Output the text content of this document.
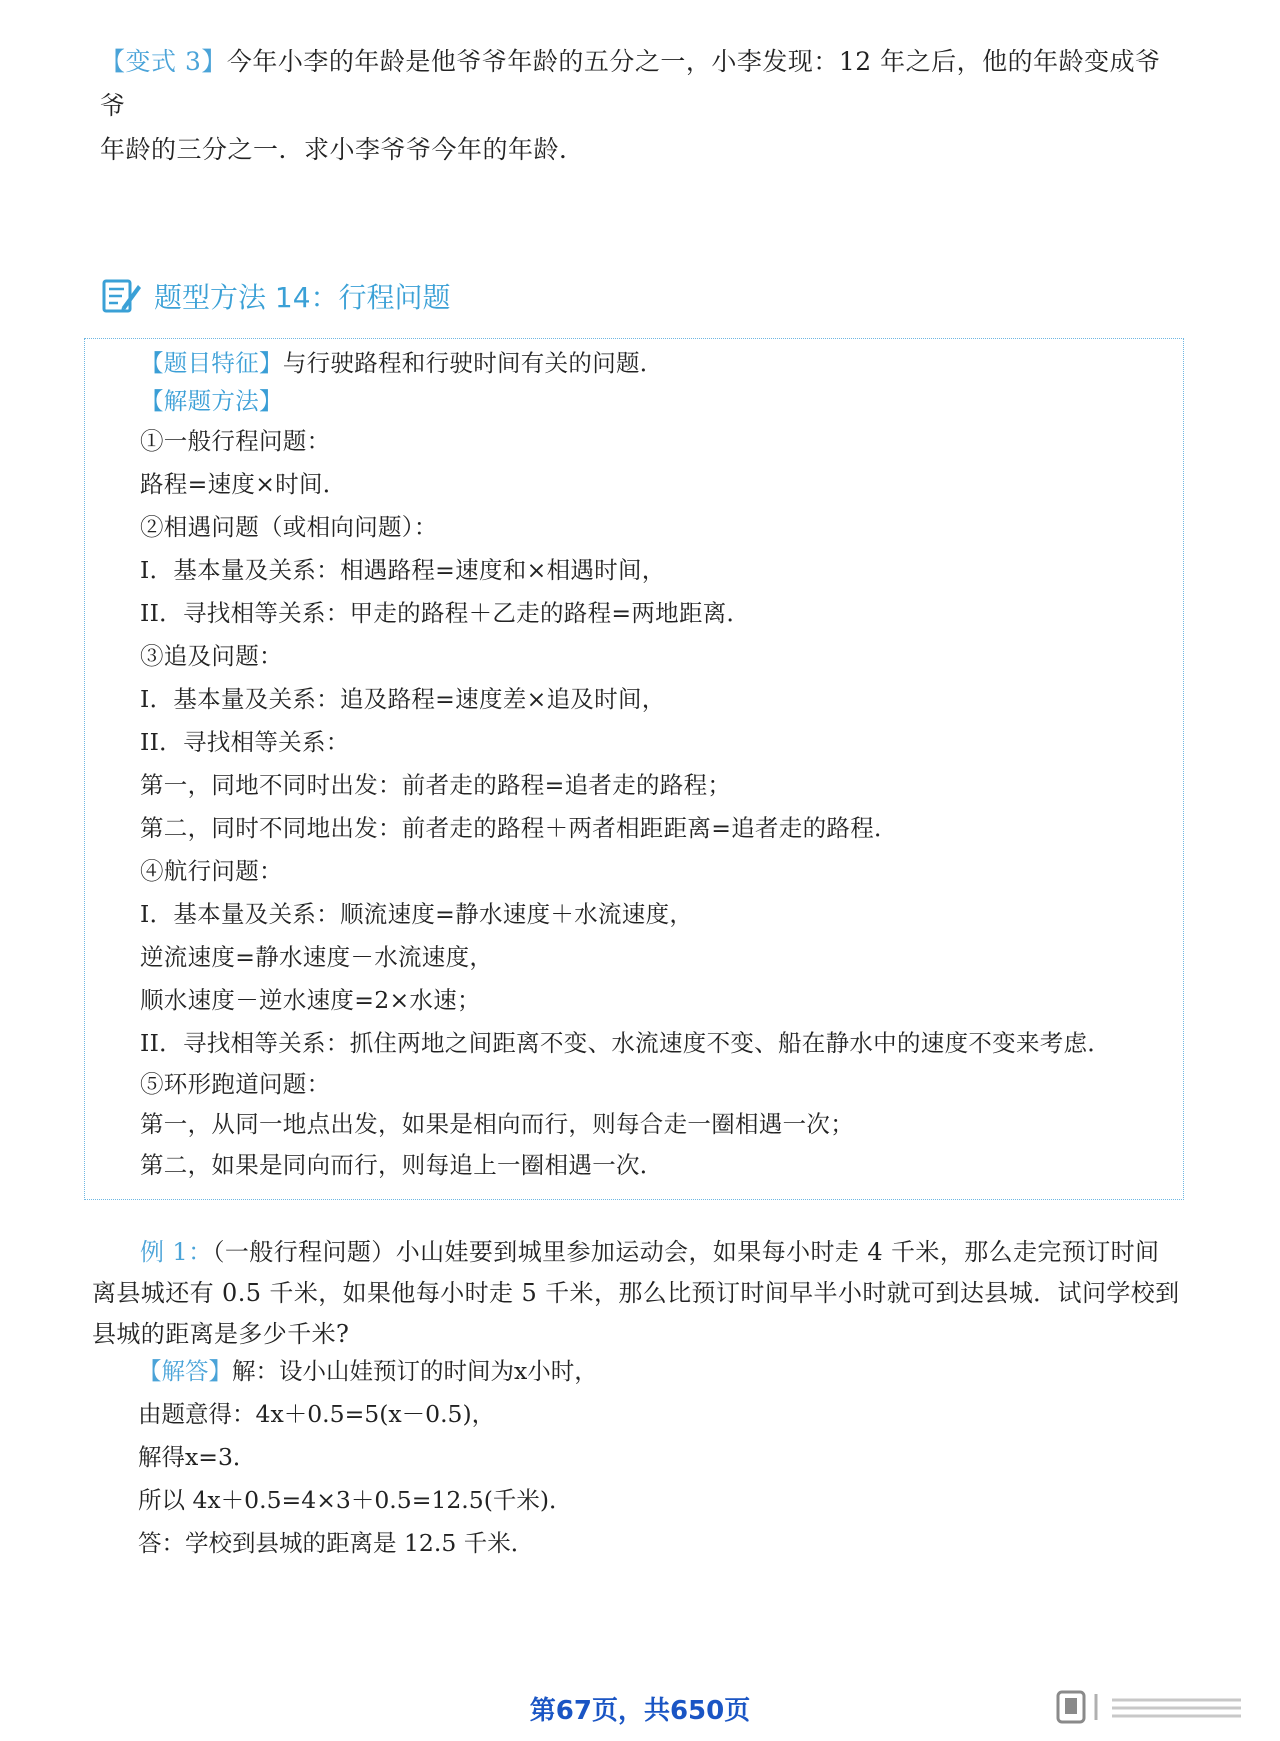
【变式 3】今年小李的年龄是他爷爷年龄的五分之一，小李发现：12 年之后，他的年龄变成爷爷
年龄的三分之一．求小李爷爷今年的年龄．
题型方法 14：行程问题
【题目特征】与行驶路程和行驶时间有关的问题．
【解题方法】
①一般行程问题：
路程=速度×时间．
②相遇问题（或相向问题）：
I．基本量及关系：相遇路程=速度和×相遇时间，
II．寻找相等关系：甲走的路程＋乙走的路程=两地距离．
③追及问题：
I．基本量及关系：追及路程=速度差×追及时间，
II．寻找相等关系：
第一，同地不同时出发：前者走的路程=追者走的路程；
第二，同时不同地出发：前者走的路程＋两者相距距离=追者走的路程．
④航行问题：
I．基本量及关系：顺流速度=静水速度＋水流速度，
逆流速度=静水速度－水流速度，
顺水速度－逆水速度=2×水速；
II．寻找相等关系：抓住两地之间距离不变、水流速度不变、船在静水中的速度不变来考虑．
⑤环形跑道问题：
第一，从同一地点出发，如果是相向而行，则每合走一圈相遇一次；
第二，如果是同向而行，则每追上一圈相遇一次．
例 1：（一般行程问题）小山娃要到城里参加运动会，如果每小时走 4 千米，那么走完预订时间
离县城还有 0.5 千米，如果他每小时走 5 千米，那么比预订时间早半小时就可到达县城．试问学校到
县城的距离是多少千米?
【解答】解：设小山娃预订的时间为x小时，
由题意得：4x＋0.5=5(x－0.5)，
解得x=3．
所以 4x＋0.5=4×3＋0.5=12.5(千米)．
答：学校到县城的距离是 12.5 千米．
第67页，共650页
